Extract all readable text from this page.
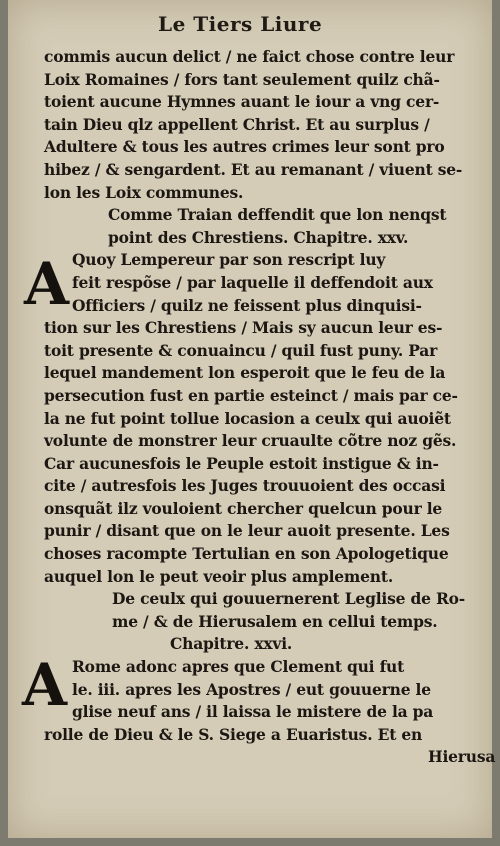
Le Tiers Liure
A
A
commis aucun delict / ne faict chose contre leur
Loix Romaines / fors tant seulement quilz chã-
toient aucune Hymnes auant le iour a vng cer-
tain Dieu qlz appellent Christ. Et au surplus /
Adultere & tous les autres crimes leur sont pro
hibez / & sengardent. Et au remanant / viuent se-
lon les Loix communes.
Comme Traian deffendit que lon nenqst
point des Chrestiens. Chapitre. xxv.
Quoy Lempereur par son rescript luy
feit respõse / par laquelle il deffendoit aux
Officiers / quilz ne feissent plus dinquisi-
tion sur les Chrestiens / Mais sy aucun leur es-
toit presente & conuaincu / quil fust puny. Par
lequel mandement lon esperoit que le feu de la
persecution fust en partie esteinct / mais par ce-
la ne fut point tollue locasion a ceulx qui auoiẽt
volunte de monstrer leur cruaulte cõtre noz gẽs.
Car aucunesfois le Peuple estoit instigue & in-
cite / autresfois les Juges trouuoient des occasi
onsquãt ilz vouloient chercher quelcun pour le
punir / disant que on le leur auoit presente. Les
choses racompte Tertulian en son Apologetique
auquel lon le peut veoir plus amplement.
De ceulx qui gouuernerent Leglise de Ro-
me / & de Hierusalem en cellui temps.
Chapitre. xxvi.
Rome adonc apres que Clement qui fut
le. iii. apres les Apostres / eut gouuerne le
glise neuf ans / il laissa le mistere de la pa
rolle de Dieu & le S. Siege a Euaristus. Et en
Hierusa
